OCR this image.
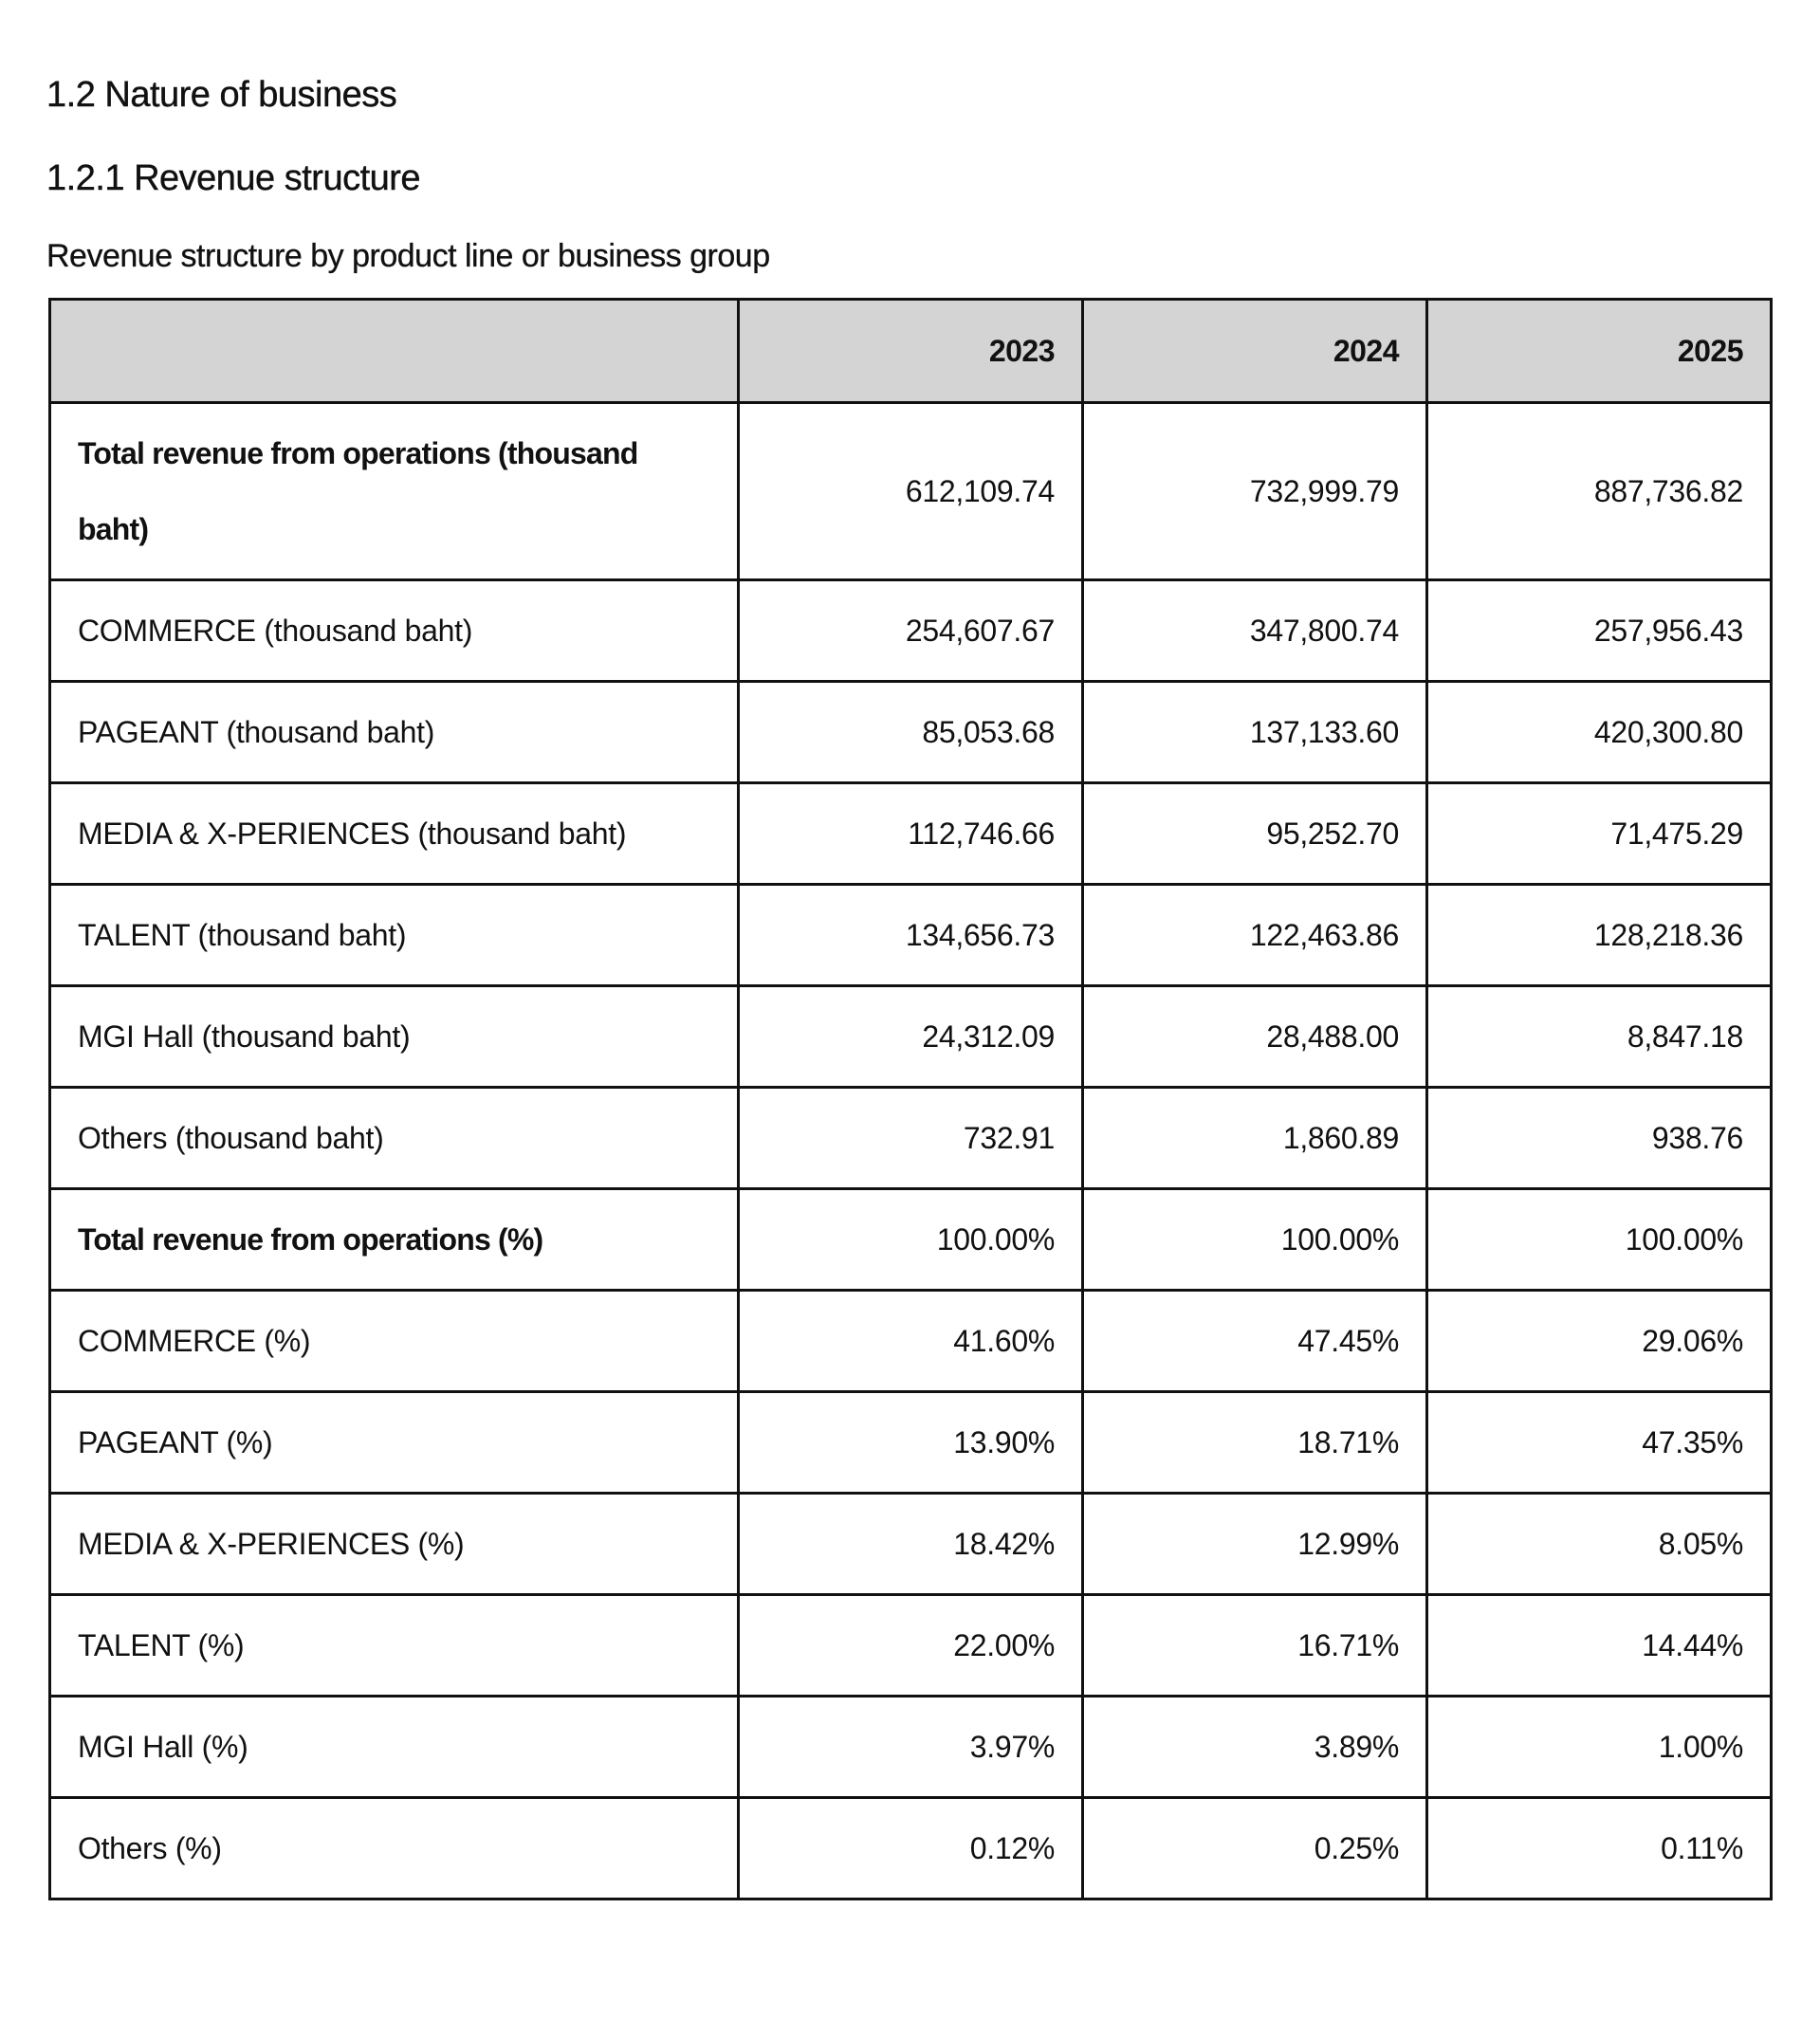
1.2 Nature of business
1.2.1 Revenue structure

Revenue structure by product line or business group

	2023	2024	2025
Total revenue from operations (thousand baht)	612,109.74	732,999.79	887,736.82
COMMERCE (thousand baht)	254,607.67	347,800.74	257,956.43
PAGEANT (thousand baht)	85,053.68	137,133.60	420,300.80
MEDIA & X-PERIENCES (thousand baht)	112,746.66	95,252.70	71,475.29
TALENT (thousand baht)	134,656.73	122,463.86	128,218.36
MGI Hall (thousand baht)	24,312.09	28,488.00	8,847.18
Others (thousand baht)	732.91	1,860.89	938.76
Total revenue from operations (%)	100.00%	100.00%	100.00%
COMMERCE (%)	41.60%	47.45%	29.06%
PAGEANT (%)	13.90%	18.71%	47.35%
MEDIA & X-PERIENCES (%)	18.42%	12.99%	8.05%
TALENT (%)	22.00%	16.71%	14.44%
MGI Hall (%)	3.97%	3.89%	1.00%
Others (%)	0.12%	0.25%	0.11%
